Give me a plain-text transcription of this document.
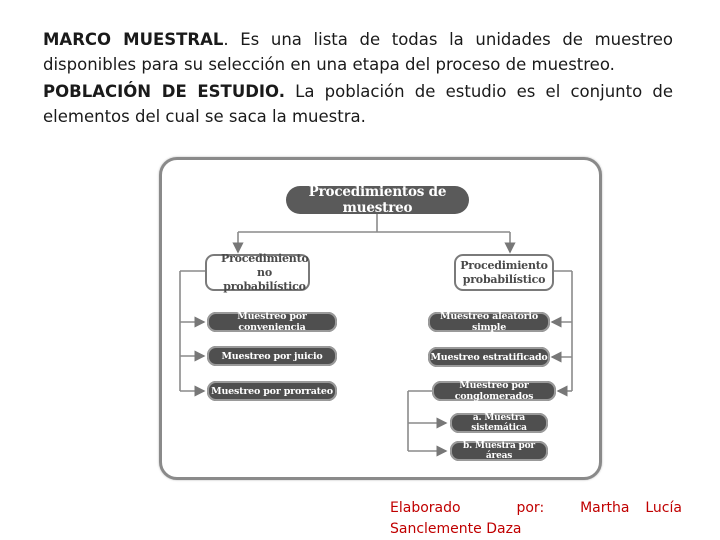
MARCO MUESTRAL. Es una lista de todas la unidades de muestreo disponibles para su selección en una etapa del proceso de muestreo.

POBLACIÓN DE ESTUDIO. La población de estudio es el conjunto de elementos del cual se saca la muestra.

Procedimientos de muestreo
Procedimiento
no probabilístico
Procedimiento
probabilístico
Muestreo por conveniencia
Muestreo por juicio
Muestreo por prorrateo
Muestreo aleatorio simple
Muestreo estratificado
Muestreo por conglomerados
a. Muestra sistemática
b. Muestra por áreas
Elaborado	por:	Martha Lucía
Sanclemente Daza
